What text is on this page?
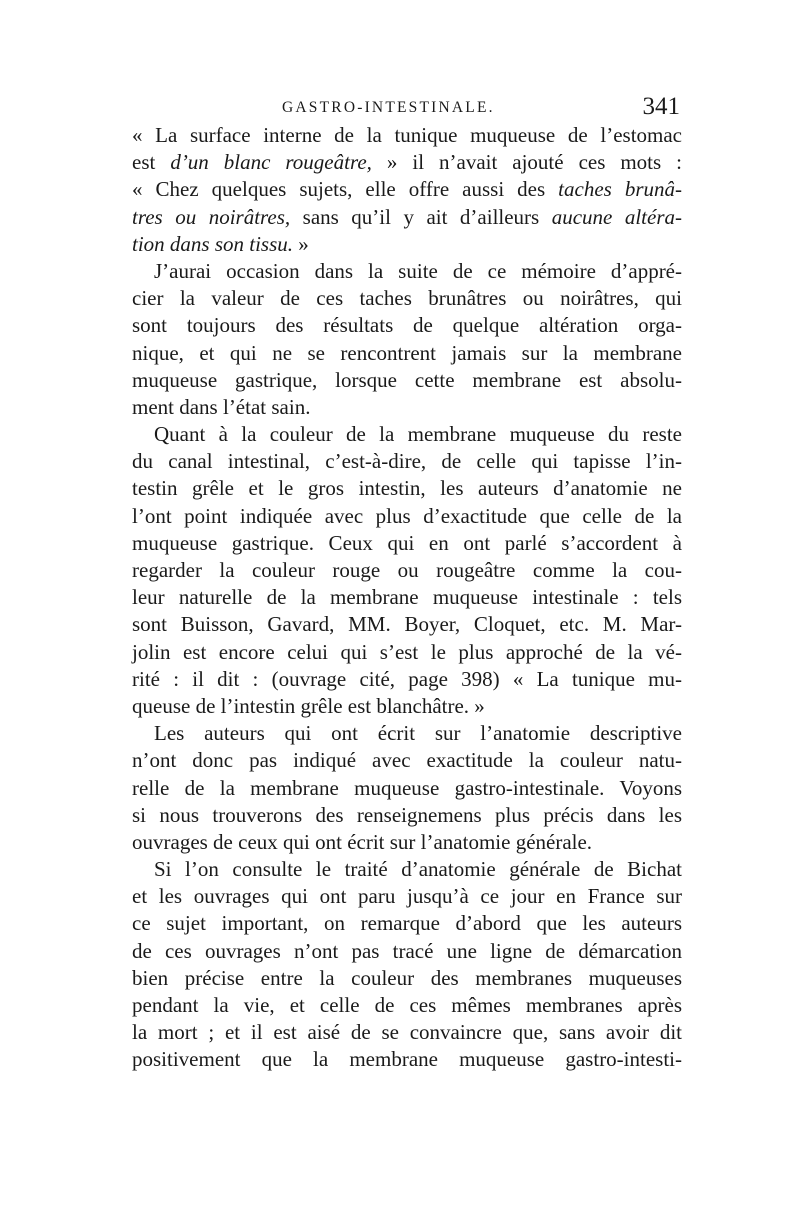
GASTRO-INTESTINALE.	341
« La surface interne de la tunique muqueuse de l’estomac
est d’un blanc rougeâtre, » il n’avait ajouté ces mots :
« Chez quelques sujets, elle offre aussi des taches brunâ-
tres ou noirâtres, sans qu’il y ait d’ailleurs aucune altéra-
tion dans son tissu. »
J’aurai occasion dans la suite de ce mémoire d’appré-
cier la valeur de ces taches brunâtres ou noirâtres, qui
sont toujours des résultats de quelque altération orga-
nique, et qui ne se rencontrent jamais sur la membrane
muqueuse gastrique, lorsque cette membrane est absolu-
ment dans l’état sain.
Quant à la couleur de la membrane muqueuse du reste
du canal intestinal, c’est-à-dire, de celle qui tapisse l’in-
testin grêle et le gros intestin, les auteurs d’anatomie ne
l’ont point indiquée avec plus d’exactitude que celle de la
muqueuse gastrique. Ceux qui en ont parlé s’accordent à
regarder la couleur rouge ou rougeâtre comme la cou-
leur naturelle de la membrane muqueuse intestinale : tels
sont Buisson, Gavard, MM. Boyer, Cloquet, etc. M. Mar-
jolin est encore celui qui s’est le plus approché de la vé-
rité : il dit : (ouvrage cité, page 398) « La tunique mu-
queuse de l’intestin grêle est blanchâtre. »
Les auteurs qui ont écrit sur l’anatomie descriptive
n’ont donc pas indiqué avec exactitude la couleur natu-
relle de la membrane muqueuse gastro-intestinale. Voyons
si nous trouverons des renseignemens plus précis dans les
ouvrages de ceux qui ont écrit sur l’anatomie générale.
Si l’on consulte le traité d’anatomie générale de Bichat
et les ouvrages qui ont paru jusqu’à ce jour en France sur
ce sujet important, on remarque d’abord que les auteurs
de ces ouvrages n’ont pas tracé une ligne de démarcation
bien précise entre la couleur des membranes muqueuses
pendant la vie, et celle de ces mêmes membranes après
la mort ; et il est aisé de se convaincre que, sans avoir dit
positivement que la membrane muqueuse gastro-intesti-
